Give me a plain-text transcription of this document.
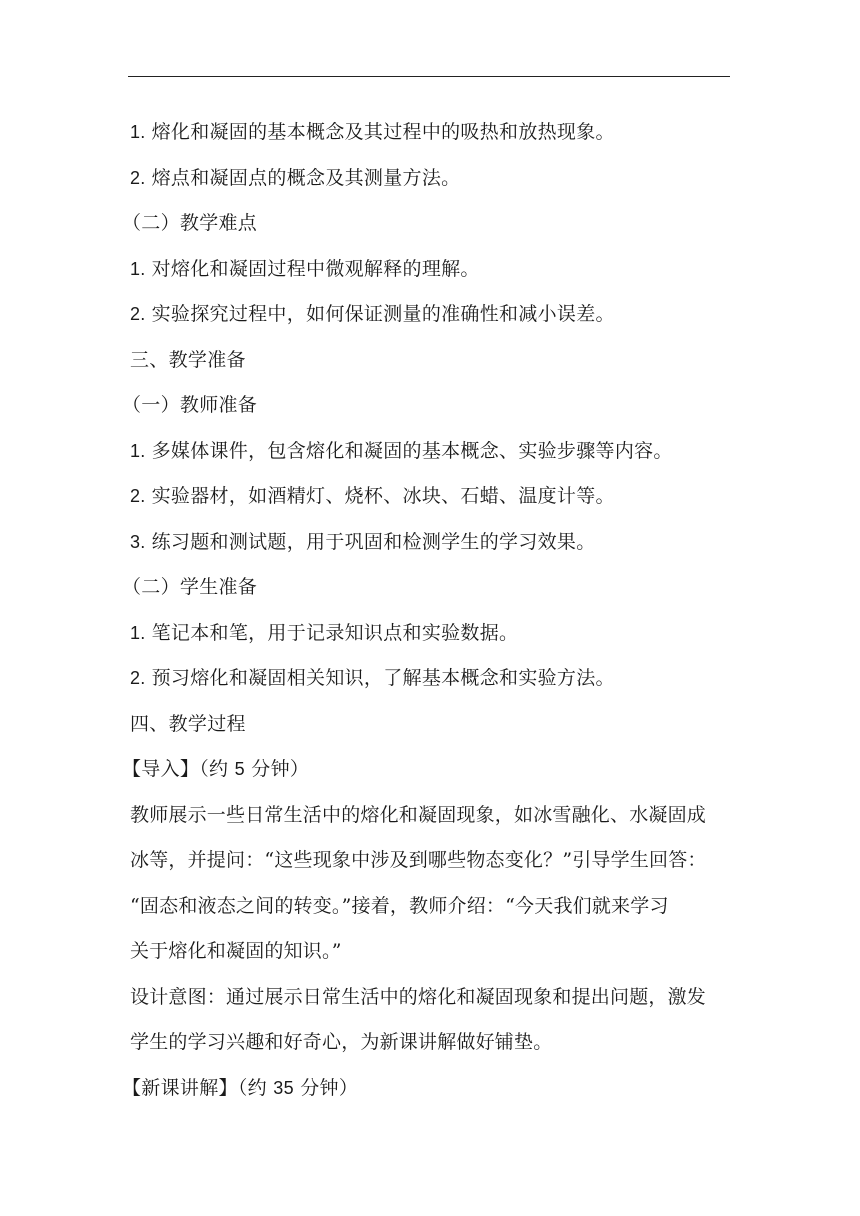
1. 熔化和凝固的基本概念及其过程中的吸热和放热现象。
2. 熔点和凝固点的概念及其测量方法。
（二）教学难点
1. 对熔化和凝固过程中微观解释的理解。
2. 实验探究过程中，如何保证测量的准确性和减小误差。
三、教学准备
（一）教师准备
1. 多媒体课件，包含熔化和凝固的基本概念、实验步骤等内容。
2. 实验器材，如酒精灯、烧杯、冰块、石蜡、温度计等。
3. 练习题和测试题，用于巩固和检测学生的学习效果。
（二）学生准备
1. 笔记本和笔，用于记录知识点和实验数据。
2. 预习熔化和凝固相关知识，了解基本概念和实验方法。
四、教学过程
【导入】（约 5 分钟）
教师展示一些日常生活中的熔化和凝固现象，如冰雪融化、水凝固成
冰等，并提问：“这些现象中涉及到哪些物态变化？”引导学生回答：
“固态和液态之间的转变。”接着，教师介绍：“今天我们就来学习
关于熔化和凝固的知识。”
设计意图：通过展示日常生活中的熔化和凝固现象和提出问题，激发
学生的学习兴趣和好奇心，为新课讲解做好铺垫。
【新课讲解】（约 35 分钟）
